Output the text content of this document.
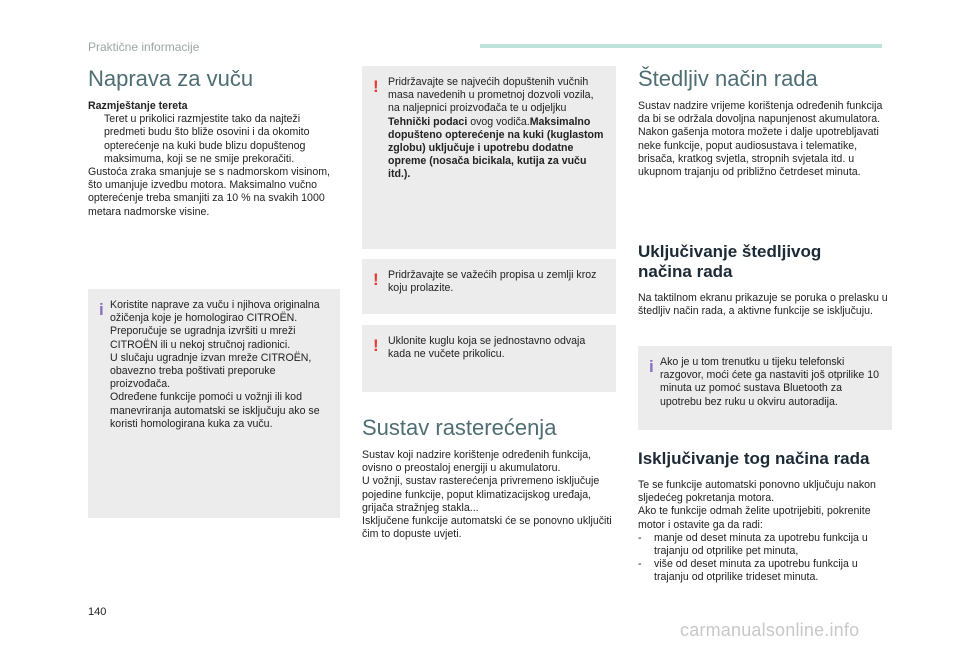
Praktične informacije
Naprava za vuču

Razmještanje tereta

Teret u prikolici razmjestite tako da najteži predmeti budu što bliže osovini i da okomito opterećenje na kuki bude blizu dopuštenog maksimuma, koji se ne smije prekoračiti.

Gustoća zraka smanjuje se s nadmorskom visinom, što umanjuje izvedbu motora. Maksimalno vučno opterećenje treba smanjiti za 10 % na svakih 1000 metara nadmorske visine.

i Koristite naprave za vuču i njihova originalna ožičenja koje je homologirao CITROËN. Preporučuje se ugradnja izvršiti u mreži CITROËN ili u nekoj stručnoj radionici.

U slučaju ugradnje izvan mreže CITROËN, obavezno treba poštivati preporuke proizvođača.

Određene funkcije pomoći u vožnji ili kod manevriranja automatski se isključuju ako se koristi homologirana kuka za vuču.

! Pridržavajte se najvećih dopuštenih vučnih masa navedenih u prometnoj dozvoli vozila, na naljepnici proizvođača te u odjeljku Tehnički podaci ovog vodiča.Maksimalno dopušteno opterećenje na kuki (kuglastom zglobu) uključuje i upotrebu dodatne opreme (nosača bicikala, kutija za vuču itd.).

! Pridržavajte se važećih propisa u zemlji kroz koju prolazite.

! Uklonite kuglu koja se jednostavno odvaja kada ne vučete prikolicu.

Sustav rasterećenja

Sustav koji nadzire korištenje određenih funkcija, ovisno o preostaloj energiji u akumulatoru.

U vožnji, sustav rasterećenja privremeno isključuje pojedine funkcije, poput klimatizacijskog uređaja, grijača stražnjeg stakla...

Isključene funkcije automatski će se ponovno uključiti čim to dopuste uvjeti.

Štedljiv način rada

Sustav nadzire vrijeme korištenja određenih funkcija da bi se održala dovoljna napunjenost akumulatora.

Nakon gašenja motora možete i dalje upotrebljavati neke funkcije, poput audiosustava i telematike, brisača, kratkog svjetla, stropnih svjetala itd. u ukupnom trajanju od približno četrdeset minuta.

Uključivanje štedljivog načina rada

Na taktilnom ekranu prikazuje se poruka o prelasku u štedljiv način rada, a aktivne funkcije se isključuju.

i Ako je u tom trenutku u tijeku telefonski razgovor, moći ćete ga nastaviti još otprilike 10 minuta uz pomoć sustava Bluetooth za upotrebu bez ruku u okviru autoradija.

Isključivanje tog načina rada

Te se funkcije automatski ponovno uključuju nakon sljedećeg pokretanja motora.

Ako te funkcije odmah želite upotrijebiti, pokrenite motor i ostavite ga da radi:

-	manje od deset minuta za upotrebu funkcija u trajanju od otprilike pet minuta,
-	više od deset minuta za upotrebu funkcija u trajanju od otprilike trideset minuta.
140
carmanualsonline.info
